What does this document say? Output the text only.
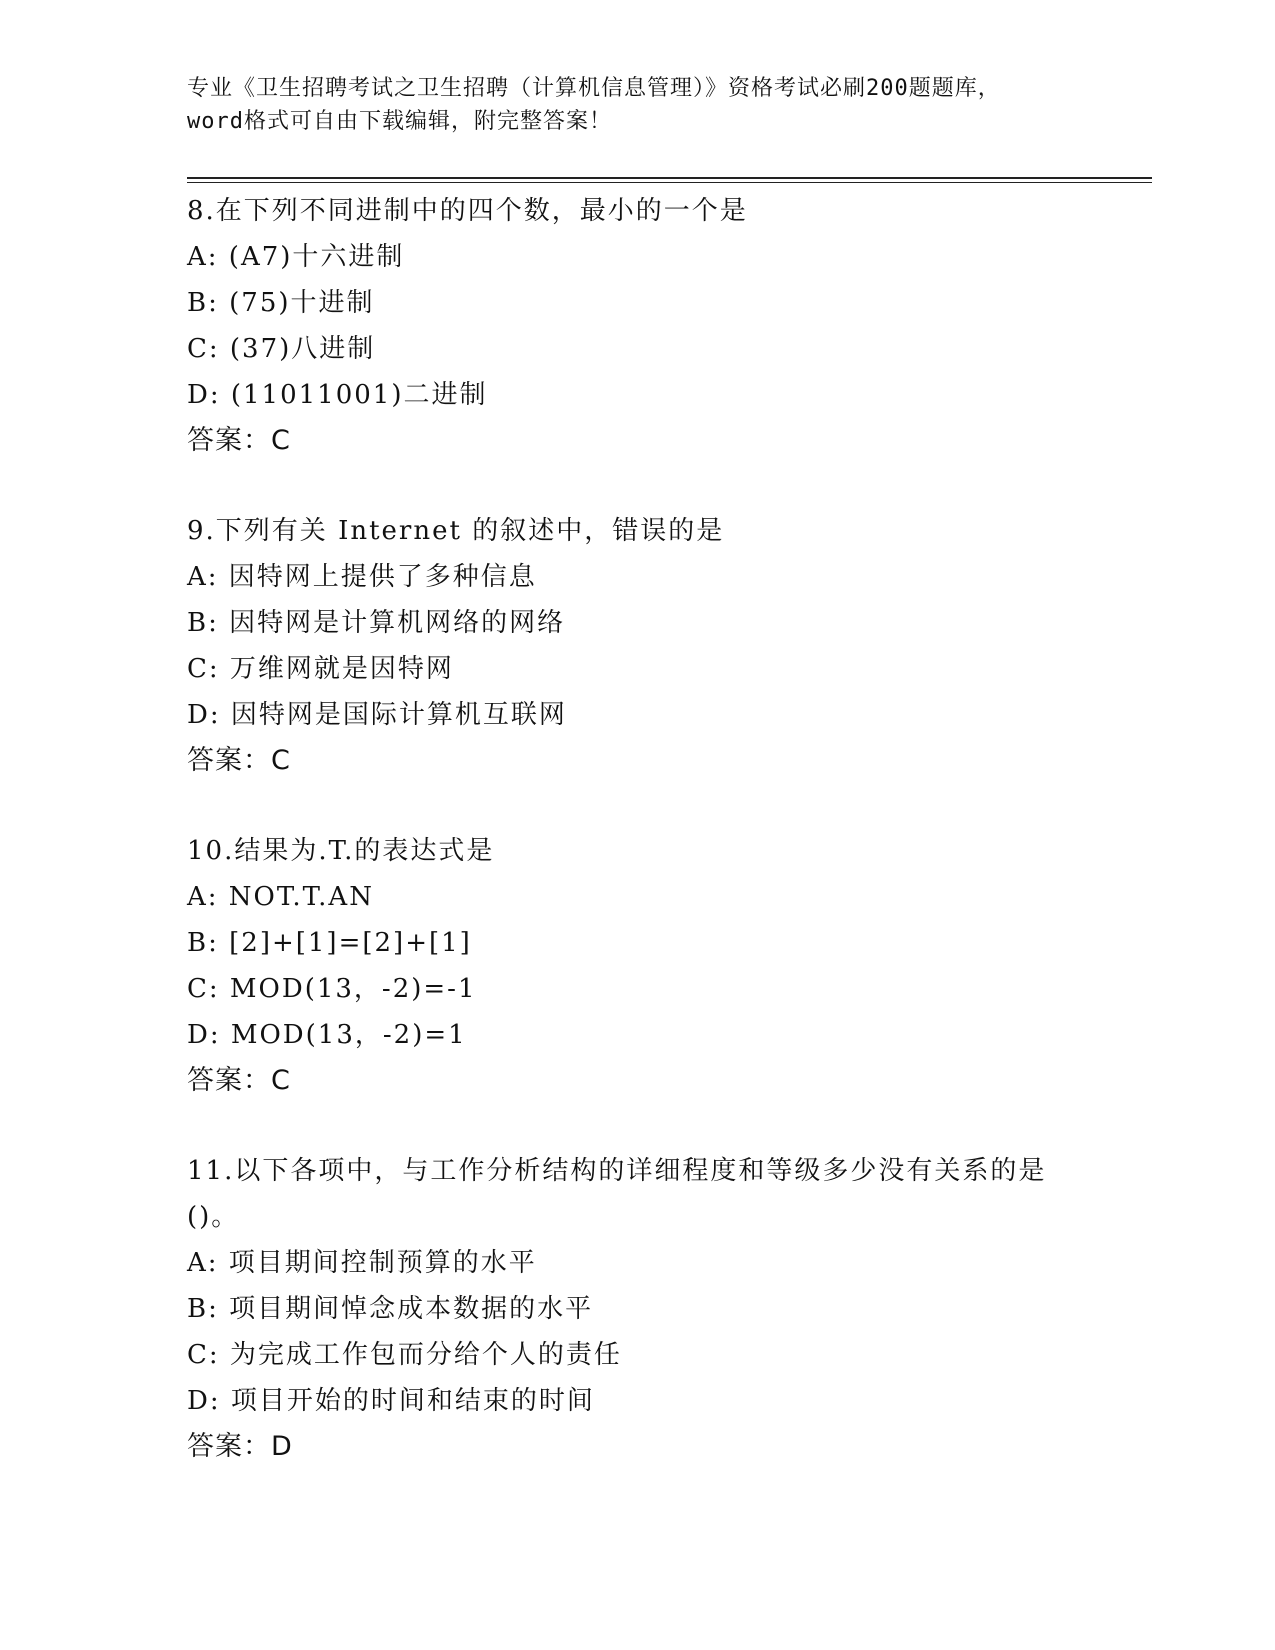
专业《卫生招聘考试之卫生招聘（计算机信息管理）》资格考试必刷200题题库，
word格式可自由下载编辑，附完整答案！
8.在下列不同进制中的四个数，最小的一个是
A: (A7)十六进制
B: (75)十进制
C: (37)八进制
D: (11011001)二进制
答案：C
9.下列有关 Internet 的叙述中，错误的是
A: 因特网上提供了多种信息
B: 因特网是计算机网络的网络
C: 万维网就是因特网
D: 因特网是国际计算机互联网
答案：C
10.结果为.T.的表达式是
A: NOT.T.AN
B: [2]+[1]=[2]+[1]
C: MOD(13，-2)=-1
D: MOD(13，-2)=1
答案：C
11.以下各项中，与工作分析结构的详细程度和等级多少没有关系的是()。
A: 项目期间控制预算的水平
B: 项目期间悼念成本数据的水平
C: 为完成工作包而分给个人的责任
D: 项目开始的时间和结束的时间
答案：D
